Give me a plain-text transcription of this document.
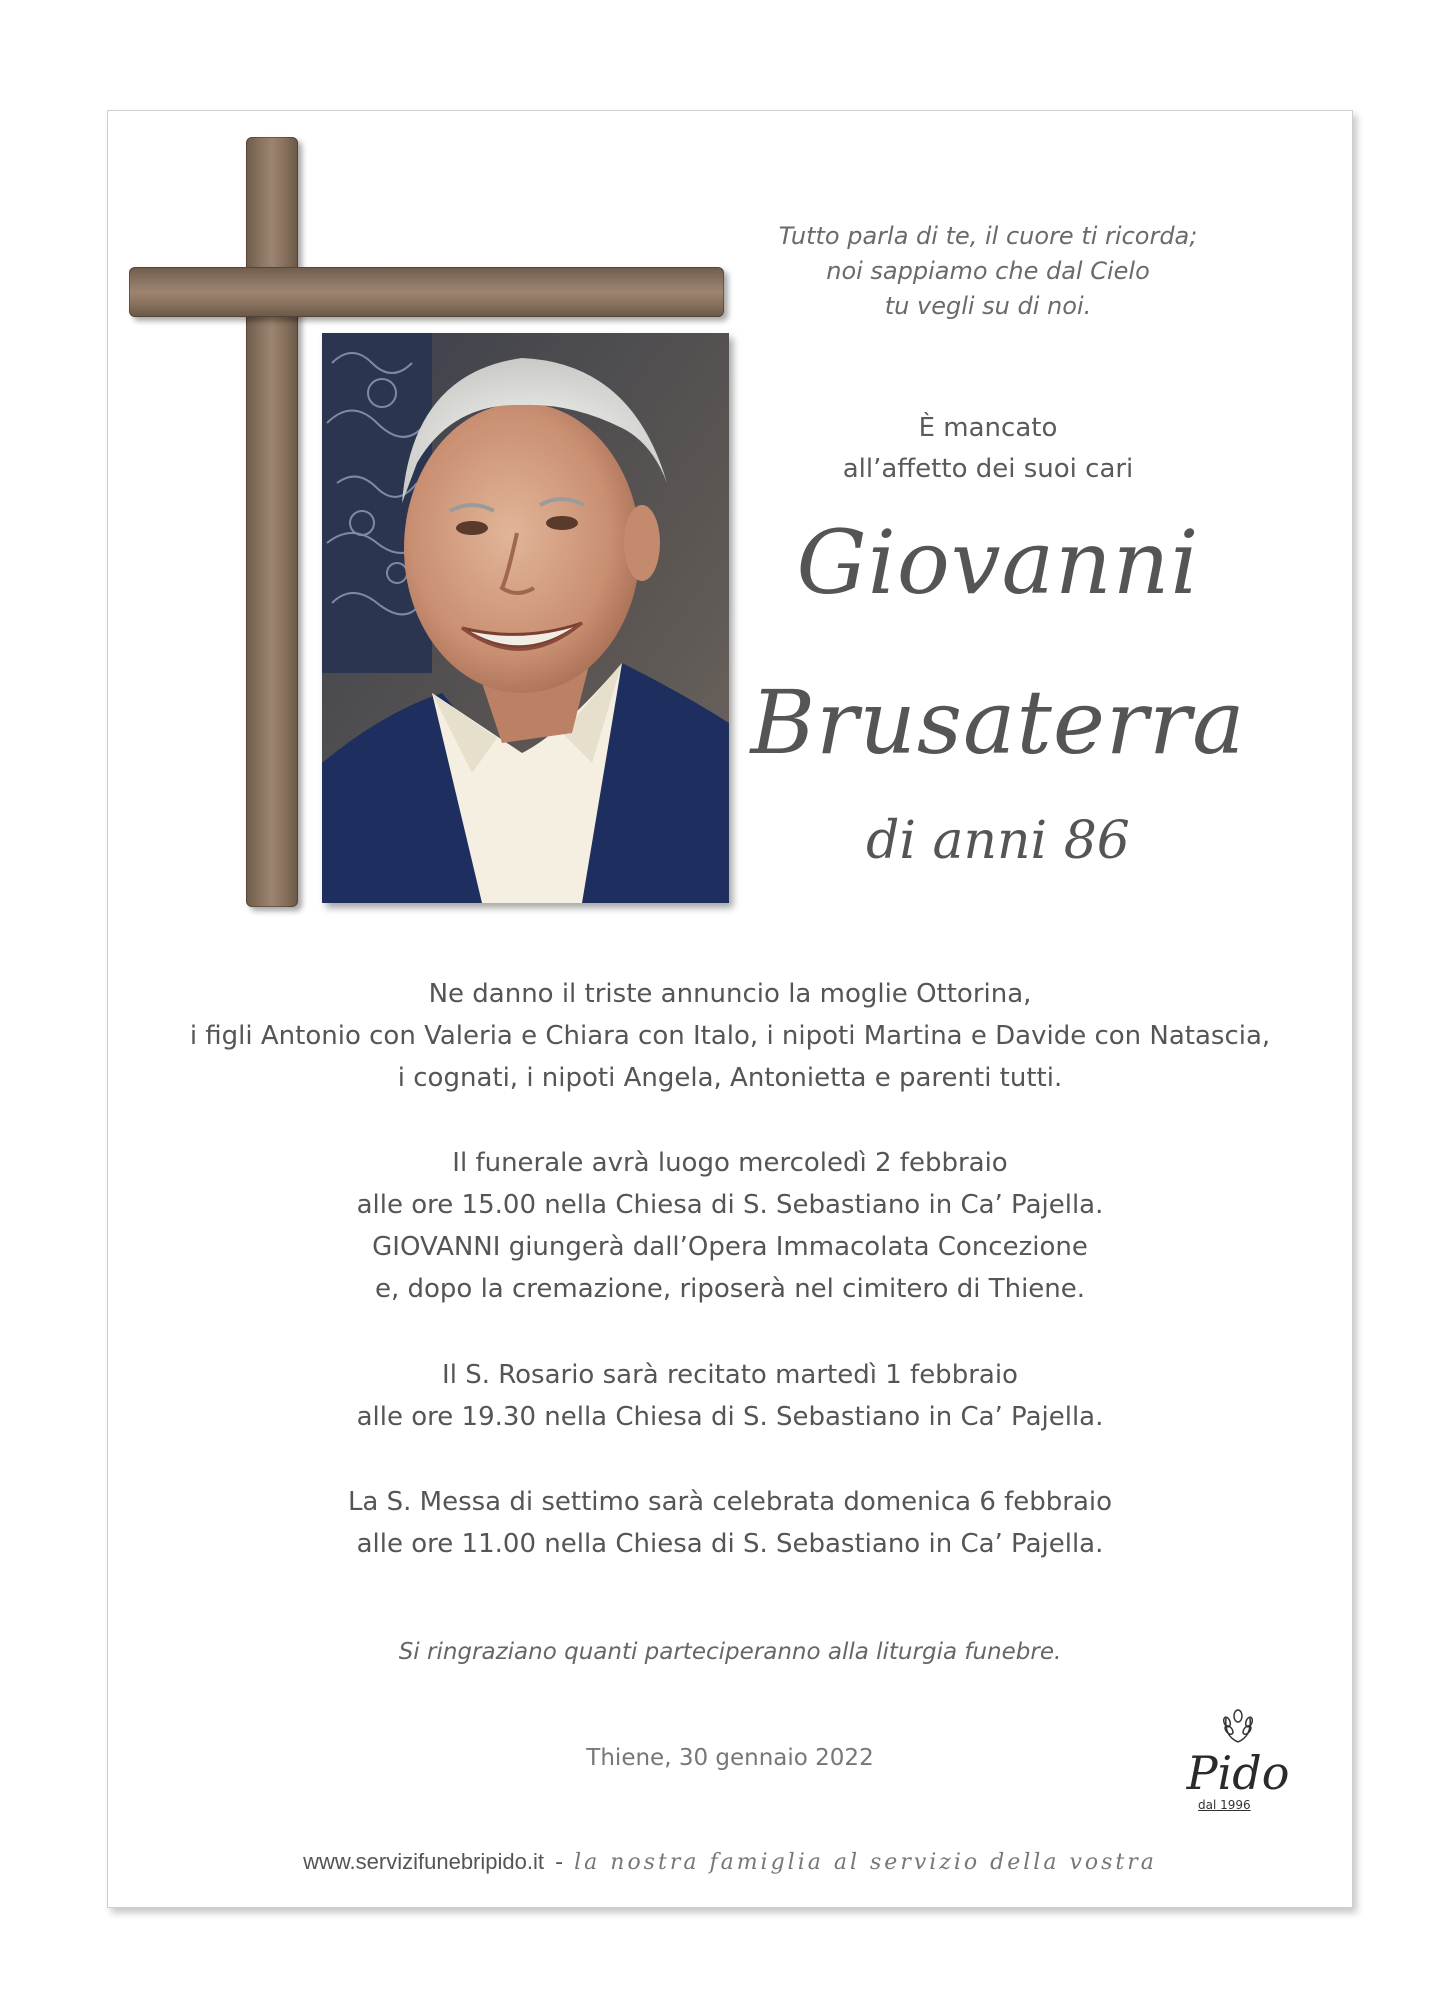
Tutto parla di te, il cuore ti ricorda;
noi sappiamo che dal Cielo
tu vegli su di noi.
È mancato
all’affetto dei suoi cari
Giovanni
Brusaterra
di anni 86

Ne danno il triste annuncio la moglie Ottorina,

i figli Antonio con Valeria e Chiara con Italo, i nipoti Martina e Davide con Natascia,

i cognati, i nipoti Angela, Antonietta e parenti tutti.

Il funerale avrà luogo mercoledì 2 febbraio

alle ore 15.00 nella Chiesa di S. Sebastiano in Ca’ Pajella.

GIOVANNI giungerà dall’Opera Immacolata Concezione

e, dopo la cremazione, riposerà nel cimitero di Thiene.

Il S. Rosario sarà recitato martedì 1 febbraio

alle ore 19.30 nella Chiesa di S. Sebastiano in Ca’ Pajella.

La S. Messa di settimo sarà celebrata domenica 6 febbraio

alle ore 11.00 nella Chiesa di S. Sebastiano in Ca’ Pajella.

Si ringraziano quanti parteciperanno alla liturgia funebre.
Thiene, 30 gennaio 2022	Pido
dal 1996
www.servizifunebripido.it - la nostra famiglia al servizio della vostra
